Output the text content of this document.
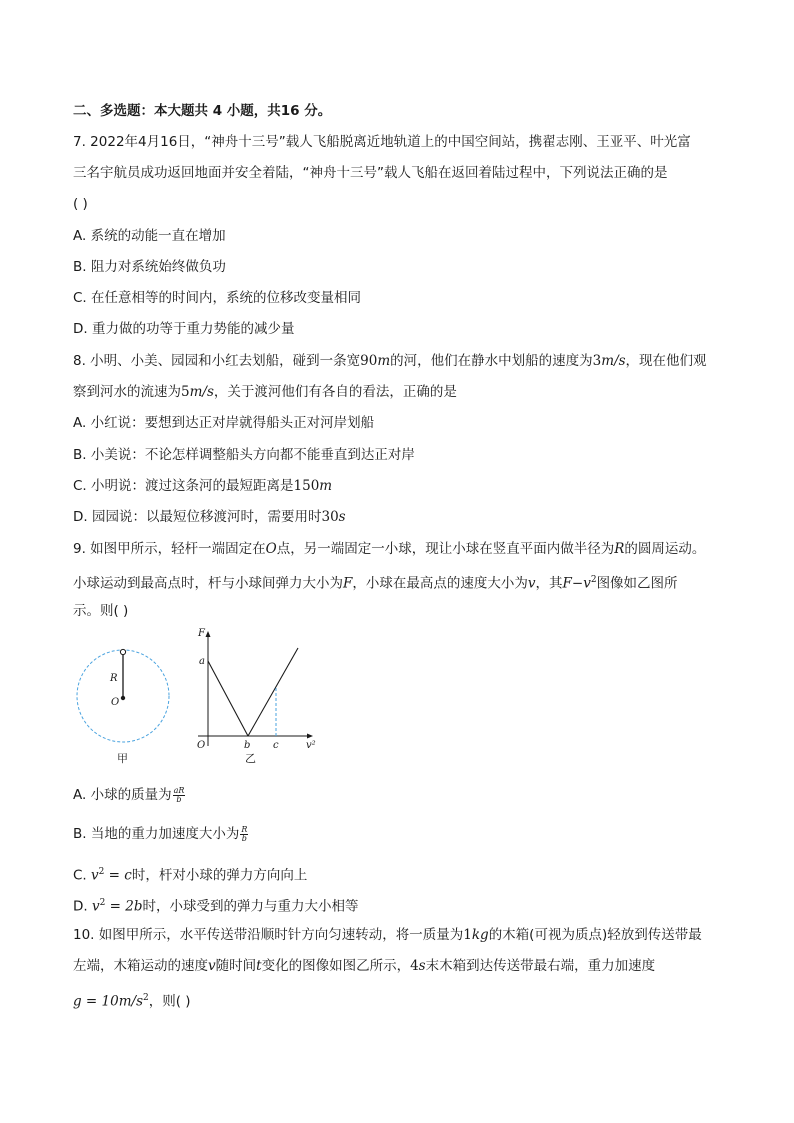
二、多选题：本大题共 4 小题，共16 分。
7. 2022年4月16日，“神舟十三号”载人飞船脱离近地轨道上的中国空间站，携翟志刚、王亚平、叶光富
三名宇航员成功返回地面并安全着陆，“神舟十三号”载人飞船在返回着陆过程中，下列说法正确的是
( )
A. 系统的动能一直在增加
B. 阻力对系统始终做负功
C. 在任意相等的时间内，系统的位移改变量相同
D. 重力做的功等于重力势能的减少量
8. 小明、小美、园园和小红去划船，碰到一条宽90m的河，他们在静水中划船的速度为3m/s，现在他们观
察到河水的流速为5m/s，关于渡河他们有各自的看法，正确的是
A. 小红说：要想到达正对岸就得船头正对河岸划船
B. 小美说：不论怎样调整船头方向都不能垂直到达正对岸
C. 小明说：渡过这条河的最短距离是150m
D. 园园说：以最短位移渡河时，需要用时30s
9. 如图甲所示，轻杆一端固定在O点，另一端固定一小球，现让小球在竖直平面内做半径为R的圆周运动。
小球运动到最高点时，杆与小球间弹力大小为F，小球在最高点的速度大小为v，其$F-v^2$图像如乙图所
示。则( )
R
O
甲
F
a
O	b c	v²
乙
A. 小球的质量为 $\frac{aR}{b}$
B. 当地的重力加速度大小为 $\frac{R}{b}$
C. $v^2 = c$时，杆对小球的弹力方向向上
D. $v^2 = 2b$时，小球受到的弹力与重力大小相等
10. 如图甲所示，水平传送带沿顺时针方向匀速转动，将一质量为1kg的木箱(可视为质点)轻放到传送带最
左端，木箱运动的速度v随时间t变化的图像如图乙所示，4s末木箱到达传送带最右端，重力加速度
$g = 10m/s^2$，则( )
